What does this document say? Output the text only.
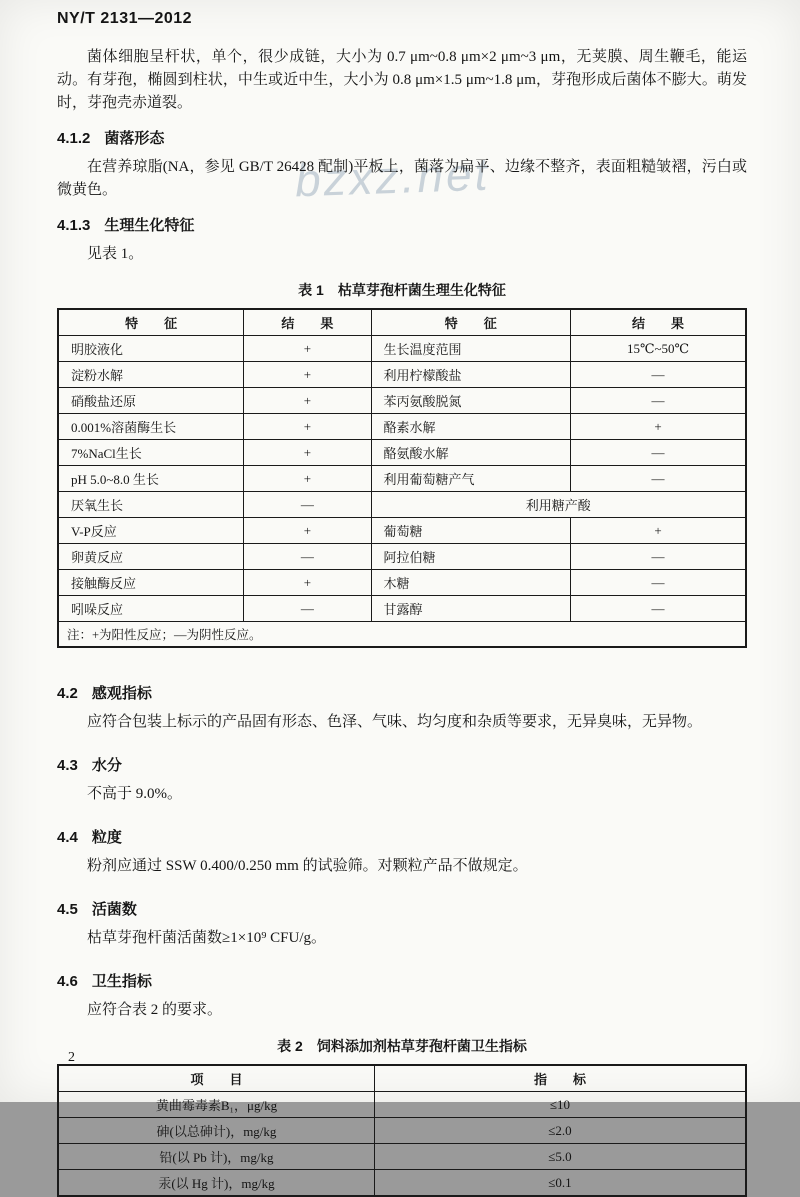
bzxz.net
NY/T 2131—2012

菌体细胞呈杆状，单个，很少成链，大小为 0.7 μm~0.8 μm×2 μm~3 μm，无荚膜、周生鞭毛，能运动。有芽孢，椭圆到柱状，中生或近中生，大小为 0.8 μm×1.5 μm~1.8 μm，芽孢形成后菌体不膨大。萌发时，芽孢壳赤道裂。

4.1.2 菌落形态

在营养琼脂(NA，参见 GB/T 26428 配制)平板上，菌落为扁平、边缘不整齐，表面粗糙皱褶，污白或微黄色。

4.1.3 生理生化特征

见表 1。

表 1　枯草芽孢杆菌生理生化特征
特　　征	结　　果	特　　征	结　　果
明胶液化	+	生长温度范围	15℃~50℃
淀粉水解	+	利用柠檬酸盐	—
硝酸盐还原	+	苯丙氨酸脱氮	—
0.001%溶菌酶生长	+	酪素水解	+
7%NaCl生长	+	酪氨酸水解	—
pH 5.0~8.0 生长	+	利用葡萄糖产气	—
厌氧生长	—	利用糖产酸	
V-P反应	+	葡萄糖	+
卵黄反应	—	阿拉伯糖	—
接触酶反应	+	木糖	—
吲哚反应	—	甘露醇	—
注：+为阳性反应；—为阴性反应。			
4.2 感观指标

应符合包装上标示的产品固有形态、色泽、气味、均匀度和杂质等要求，无异臭味，无异物。

4.3 水分

不高于 9.0%。

4.4 粒度

粉剂应通过 SSW 0.400/0.250 mm 的试验筛。对颗粒产品不做规定。

4.5 活菌数

枯草芽孢杆菌活菌数≥1×10⁹ CFU/g。

4.6 卫生指标

应符合表 2 的要求。

表 2　饲料添加剂枯草芽孢杆菌卫生指标
项　　目	指　　标
黄曲霉毒素B₁，μg/kg	≤10
砷(以总砷计)，mg/kg	≤2.0
铅(以 Pb 计)，mg/kg	≤5.0
汞(以 Hg 计)，mg/kg	≤0.1
2
